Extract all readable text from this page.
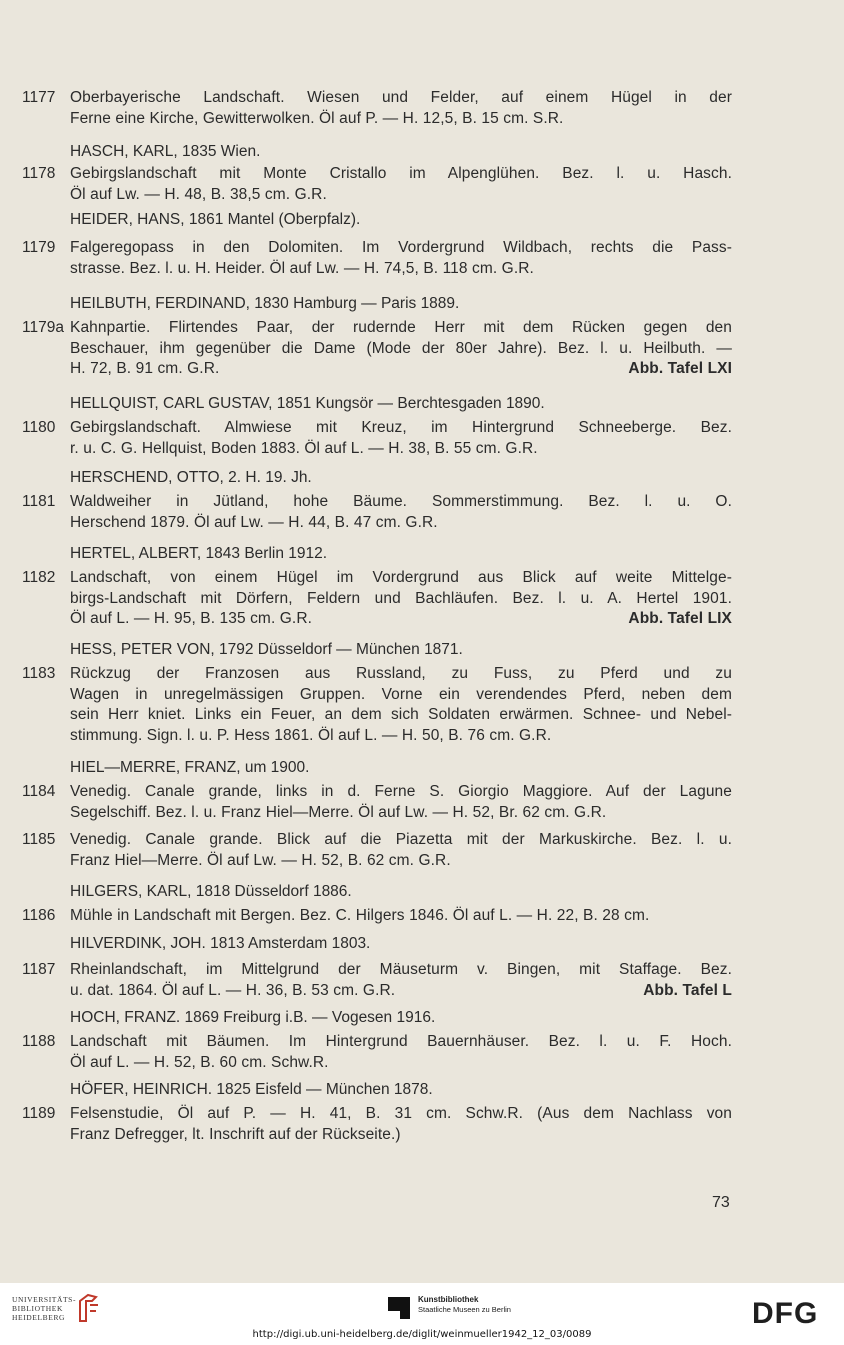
1177 Oberbayerische Landschaft. Wiesen und Felder, auf einem Hügel in der
Ferne eine Kirche, Gewitterwolken. Öl auf P. — H. 12,5, B. 15 cm. S.R.
HASCH, KARL, 1835 Wien.
1178 Gebirgslandschaft mit Monte Cristallo im Alpenglühen. Bez. l. u. Hasch.
Öl auf Lw. — H. 48, B. 38,5 cm. G.R.
HEIDER, HANS, 1861 Mantel (Oberpfalz).
1179 Falgeregopass in den Dolomiten. Im Vordergrund Wildbach, rechts die Pass-
strasse. Bez. l. u. H. Heider. Öl auf Lw. — H. 74,5, B. 118 cm. G.R.
HEILBUTH, FERDINAND, 1830 Hamburg — Paris 1889.
1179a Kahnpartie. Flirtendes Paar, der rudernde Herr mit dem Rücken gegen den
Beschauer, ihm gegenüber die Dame (Mode der 80er Jahre). Bez. l. u. Heilbuth. —
H. 72, B. 91 cm. G.R.	Abb. Tafel LXI
HELLQUIST, CARL GUSTAV, 1851 Kungsör — Berchtesgaden 1890.
1180 Gebirgslandschaft. Almwiese mit Kreuz, im Hintergrund Schneeberge. Bez.
r. u. C. G. Hellquist, Boden 1883. Öl auf L. — H. 38, B. 55 cm. G.R.
HERSCHEND, OTTO, 2. H. 19. Jh.
1181 Waldweiher in Jütland, hohe Bäume. Sommerstimmung. Bez. l. u. O.
Herschend 1879. Öl auf Lw. — H. 44, B. 47 cm. G.R.
HERTEL, ALBERT, 1843 Berlin 1912.
1182 Landschaft, von einem Hügel im Vordergrund aus Blick auf weite Mittelge-
birgs-Landschaft mit Dörfern, Feldern und Bachläufen. Bez. l. u. A. Hertel 1901.
Öl auf L. — H. 95, B. 135 cm. G.R.	Abb. Tafel LIX
HESS, PETER VON, 1792 Düsseldorf — München 1871.
1183 Rückzug der Franzosen aus Russland, zu Fuss, zu Pferd und zu
Wagen in unregelmässigen Gruppen. Vorne ein verendendes Pferd, neben dem
sein Herr kniet. Links ein Feuer, an dem sich Soldaten erwärmen. Schnee- und Nebel-
stimmung. Sign. l. u. P. Hess 1861. Öl auf L. — H. 50, B. 76 cm. G.R.
HIEL—MERRE, FRANZ, um 1900.
1184 Venedig. Canale grande, links in d. Ferne S. Giorgio Maggiore. Auf der Lagune
Segelschiff. Bez. l. u. Franz Hiel—Merre. Öl auf Lw. — H. 52, Br. 62 cm. G.R.
1185 Venedig. Canale grande. Blick auf die Piazetta mit der Markuskirche. Bez. l. u.
Franz Hiel—Merre. Öl auf Lw. — H. 52, B. 62 cm. G.R.
HILGERS, KARL, 1818 Düsseldorf 1886.
1186 Mühle in Landschaft mit Bergen. Bez. C. Hilgers 1846. Öl auf L. — H. 22, B. 28 cm.
HILVERDINK, JOH. 1813 Amsterdam 1803.
1187 Rheinlandschaft, im Mittelgrund der Mäuseturm v. Bingen, mit Staffage. Bez.
u. dat. 1864. Öl auf L. — H. 36, B. 53 cm. G.R.	Abb. Tafel L
HOCH, FRANZ. 1869 Freiburg i.B. — Vogesen 1916.
1188 Landschaft mit Bäumen. Im Hintergrund Bauernhäuser. Bez. l. u. F. Hoch.
Öl auf L. — H. 52, B. 60 cm. Schw.R.
HÖFER, HEINRICH. 1825 Eisfeld — München 1878.
1189 Felsenstudie, Öl auf P. — H. 41, B. 31 cm. Schw.R. (Aus dem Nachlass von
Franz Defregger, lt. Inschrift auf der Rückseite.)
73
UNIVERSITÄTS-
BIBLIOTHEK
HEIDELBERG
Kunstbibliothek
Staatliche Museen zu Berlin	DFG
http://digi.ub.uni-heidelberg.de/diglit/weinmueller1942_12_03/0089
